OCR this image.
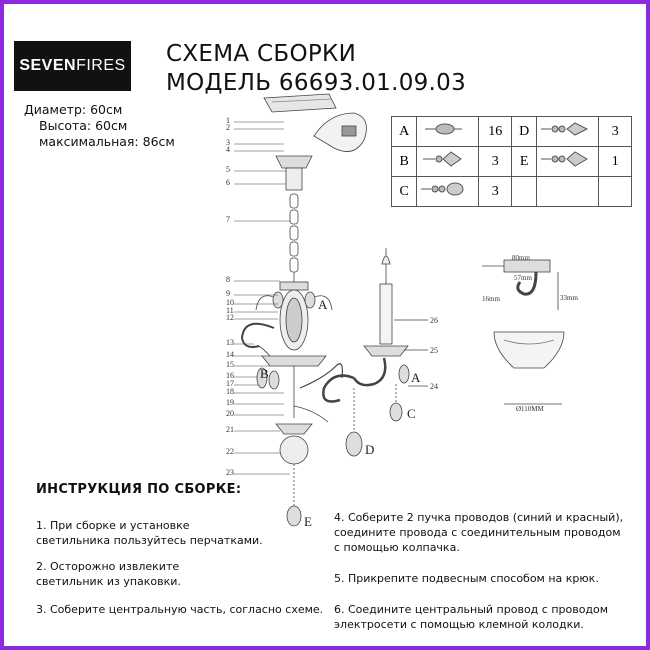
SEVEN FIRES СХЕМА СБОРКИ
МОДЕЛЬ 66693.01.09.03
Диаметр: 60см
Высота: 60см
максимальная: 86см
A		16	D		3
B		3	E		1
C		3			
1
2
3
4
5
6
7
8
9
10
11
12
13
14
15
16
17
18
19
20
21
22
23
26
25
24
A
B	A
C
D
E
80mm
57mm
16mm	33mm
Ø110MM
ИНСТРУКЦИЯ ПО СБОРКЕ:
1. При сборке и установке
светильника пользуйтесь перчатками.
2. Осторожно извлеките
светильник из упаковки.
3. Соберите центральную часть, согласно схеме.
4. Соберите 2 пучка проводов (синий и красный),
соедините провода с соединительным проводом
с помощью колпачка.
5. Прикрепите подвесным способом на крюк.
6. Соедините центральный провод с проводом
электросети с помощью клемной колодки.
